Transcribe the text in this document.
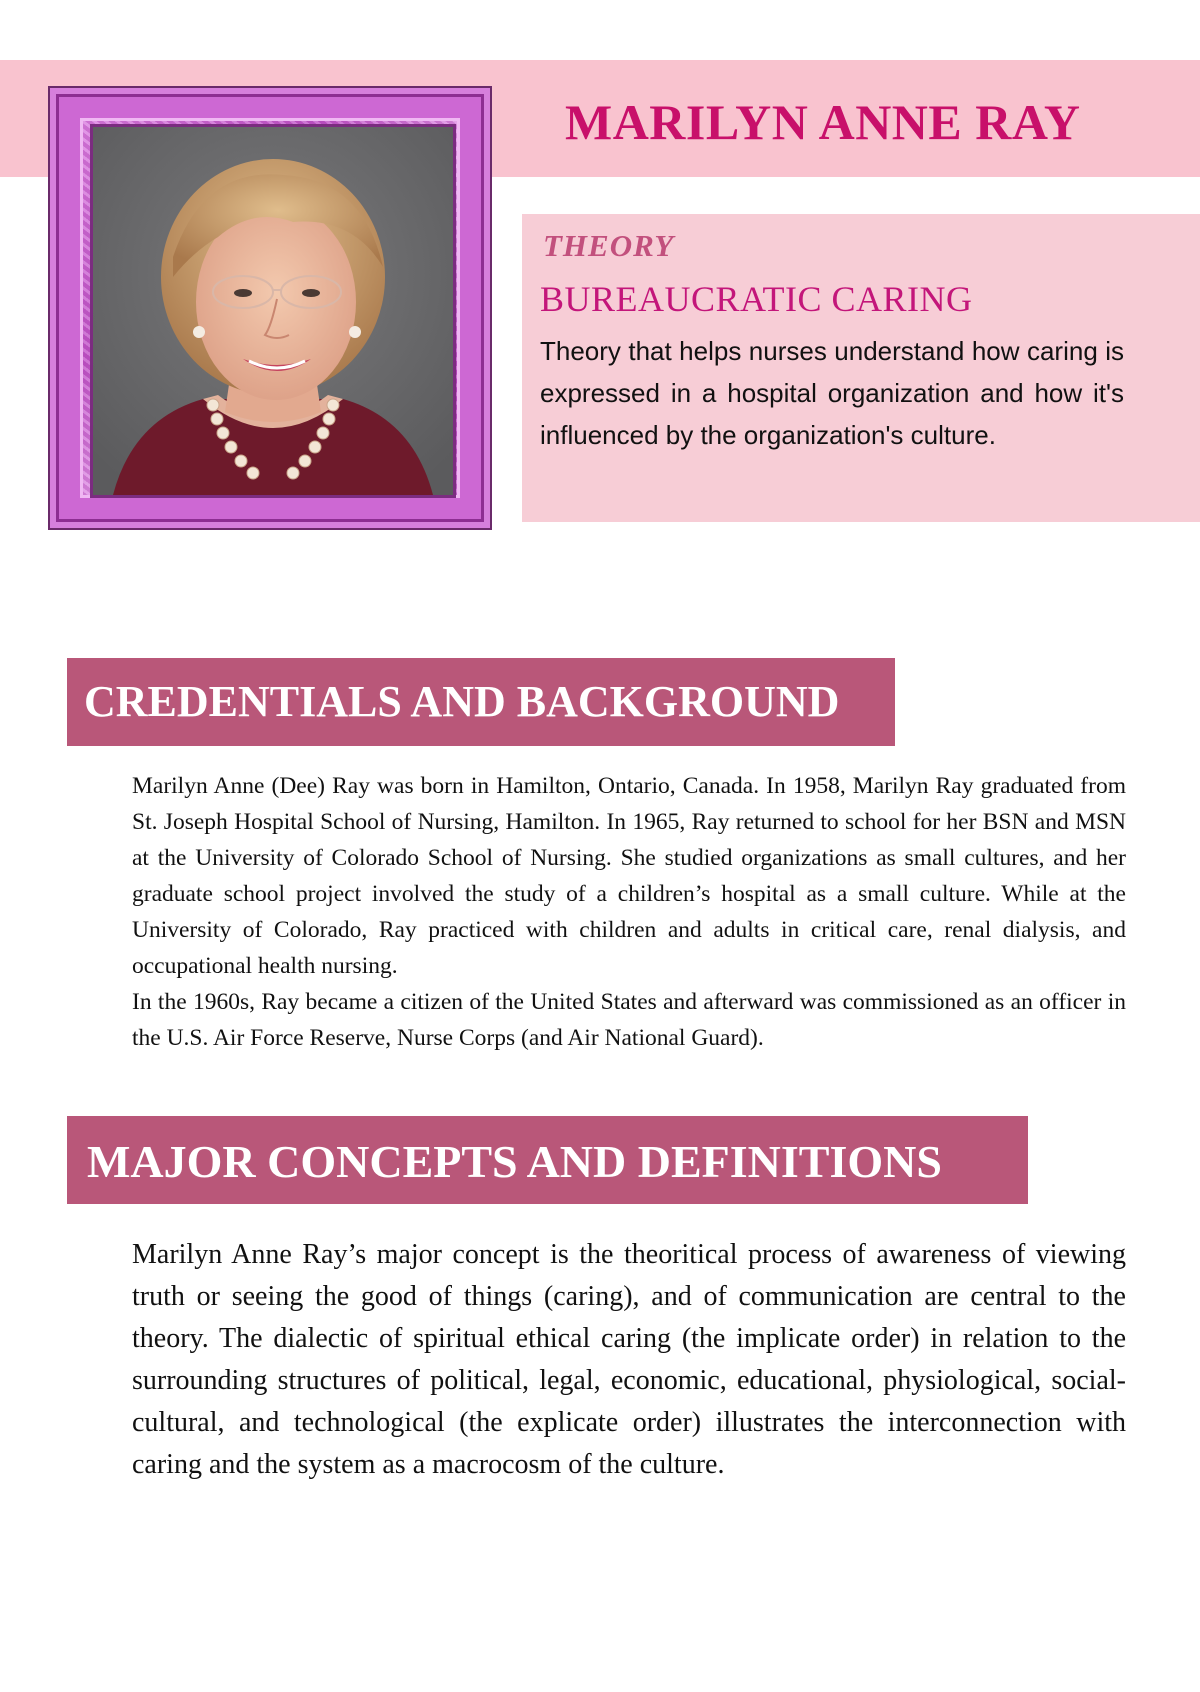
MARILYN ANNE RAY
THEORY
BUREAUCRATIC CARING
Theory that helps nurses understand how caring is expressed in a hospital organization and how it's influenced by the organization's culture.
CREDENTIALS AND BACKGROUND

Marilyn Anne (Dee) Ray was born in Hamilton, Ontario, Canada. In 1958, Marilyn Ray graduated from St. Joseph Hospital School of Nursing, Hamilton. In 1965, Ray returned to school for her BSN and MSN at the University of Colorado School of Nursing. She studied organizations as small cultures, and her graduate school project involved the study of a children’s hospital as a small culture. While at the University of Colorado, Ray practiced with children and adults in critical care, renal dialysis, and occupational health nursing.

In the 1960s, Ray became a citizen of the United States and afterward was commissioned as an officer in the U.S. Air Force Reserve, Nurse Corps (and Air National Guard).

MAJOR CONCEPTS AND DEFINITIONS
Marilyn Anne Ray’s major concept is the theoritical process of awareness of viewing truth or seeing the good of things (caring), and of communication are central to the theory. The dialectic of spiritual ethical caring (the implicate order) in relation to the surrounding structures of political, legal, economic, educational, physiological, social-cultural, and technological (the explicate order) illustrates the interconnection with caring and the system as a macrocosm of the culture.
